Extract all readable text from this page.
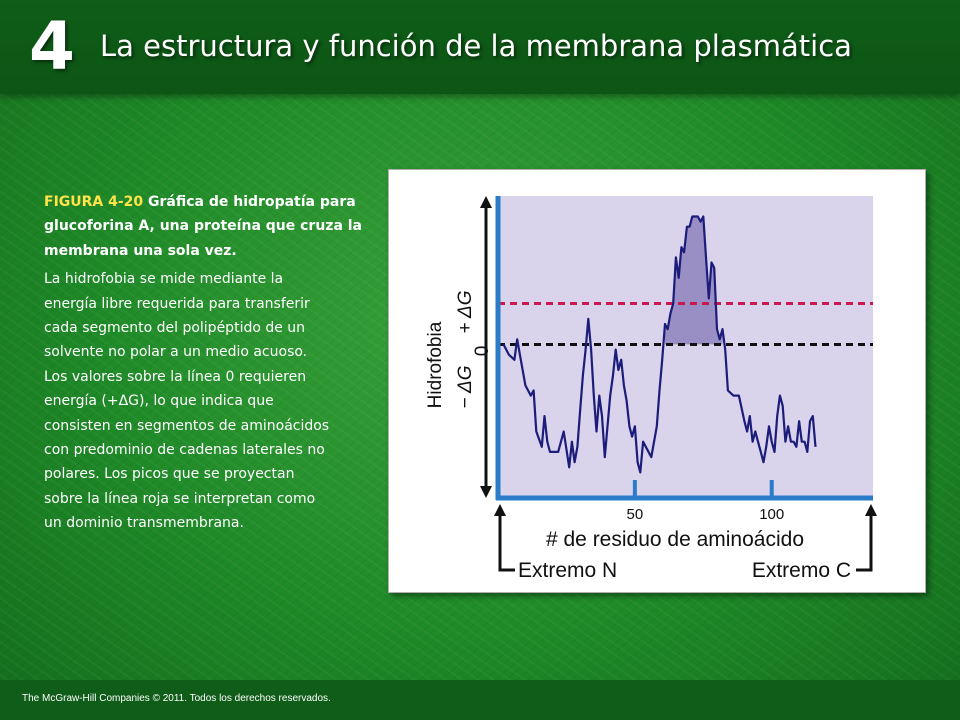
4 La estructura y función de la membrana plasmática
FIGURA 4-20 Gráfica de hidropatía para glucoforina A, una proteína que cruza la membrana una sola vez.
La hidrofobia se mide mediante la
energía libre requerida para transferir
cada segmento del polipéptido de un
solvente no polar a un medio acuoso.
Los valores sobre la línea 0 requieren
energía (+ΔG), lo que indica que
consisten en segmentos de aminoácidos
con predominio de cadenas laterales no
polares. Los picos que se proyectan
sobre la línea roja se interpretan como
un dominio transmembrana.
50	100
Hidrofobia − ΔG
+ ΔG
0
# de residuo de aminoácido
Extremo N	Extremo C
The McGraw-Hill Companies © 2011. Todos los derechos reservados.
